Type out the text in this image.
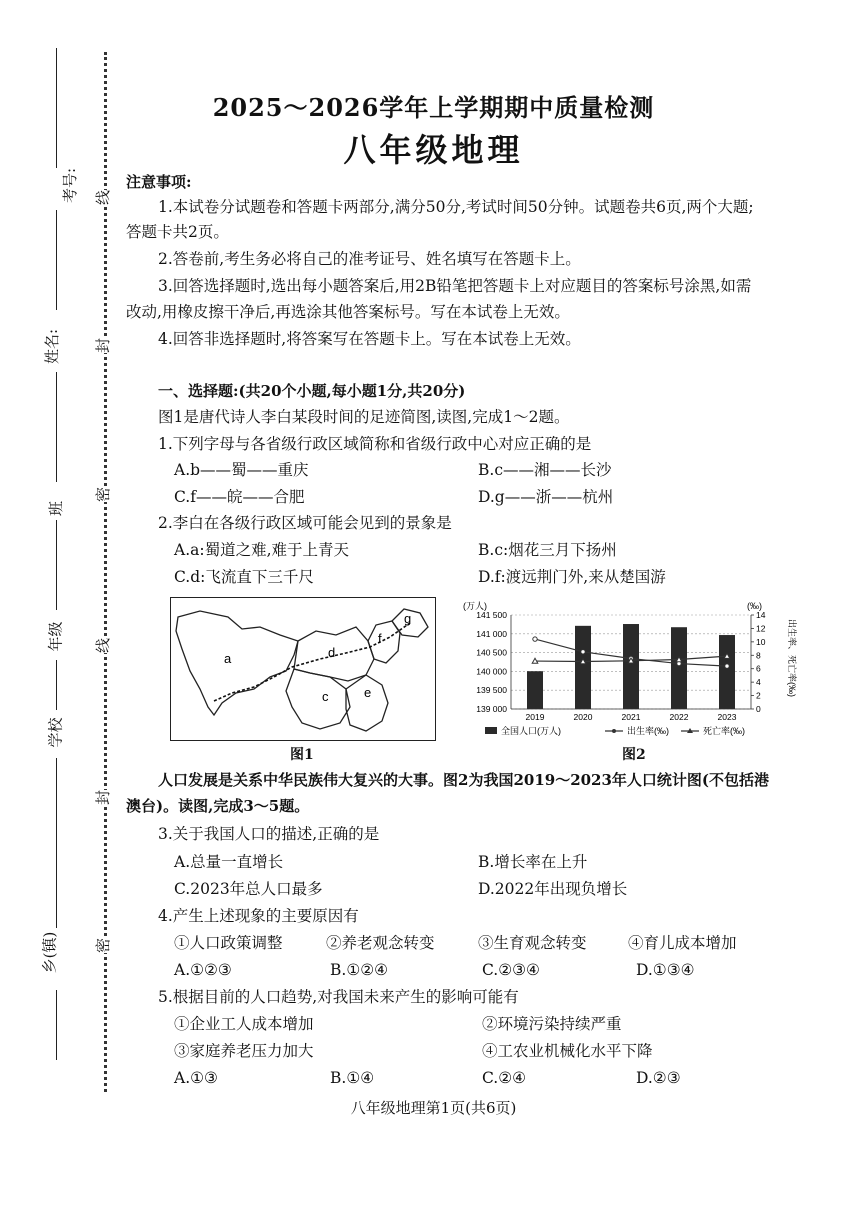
考号:
姓名:
班
年级
学校
乡(镇)
线
封
密
线
封
密
2025～2026学年上学期期中质量检测
八年级地理
注意事项:
1.本试卷分试题卷和答题卡两部分,满分50分,考试时间50分钟。试题卷共6页,两个大题;
答题卡共2页。
2.答卷前,考生务必将自己的准考证号、姓名填写在答题卡上。
3.回答选择题时,选出每小题答案后,用2B铅笔把答题卡上对应题目的答案标号涂黑,如需
改动,用橡皮擦干净后,再选涂其他答案标号。写在本试卷上无效。
4.回答非选择题时,将答案写在答题卡上。写在本试卷上无效。
一、选择题:(共20个小题,每小题1分,共20分)
图1是唐代诗人李白某段时间的足迹简图,读图,完成1～2题。
1.下列字母与各省级行政区域简称和省级行政中心对应正确的是
A.b——蜀——重庆	B.c——湘——长沙
C.f——皖——合肥	D.g——浙——杭州
2.李白在各级行政区域可能会见到的景象是
A.a:蜀道之难,难于上青天	B.c:烟花三月下扬州
C.d:飞流直下三千尺	D.f:渡远荆门外,来从楚国游
a	d
c	e
f
g
图1
(万人)	(‰)
出生率、死亡率(‰)
141 500
141 000
140 500
140 000
139 500
139 000
14
12
10
8
6
4
2
0
2019	2020	2021	2022	2023
全国人口(万人)	出生率(‰)	死亡率(‰)
图2
人口发展是关系中华民族伟大复兴的大事。图2为我国2019～2023年人口统计图(不包括港
澳台)。读图,完成3～5题。
3.关于我国人口的描述,正确的是
A.总量一直增长	B.增长率在上升
C.2023年总人口最多	D.2022年出现负增长
4.产生上述现象的主要原因有
①人口政策调整	②养老观念转变	③生育观念转变	④育儿成本增加
A.①②③	B.①②④	C.②③④	D.①③④
5.根据目前的人口趋势,对我国未来产生的影响可能有
①企业工人成本增加	②环境污染持续严重
③家庭养老压力加大	④工农业机械化水平下降
A.①③	B.①④	C.②④	D.②③
八年级地理第1页(共6页)
